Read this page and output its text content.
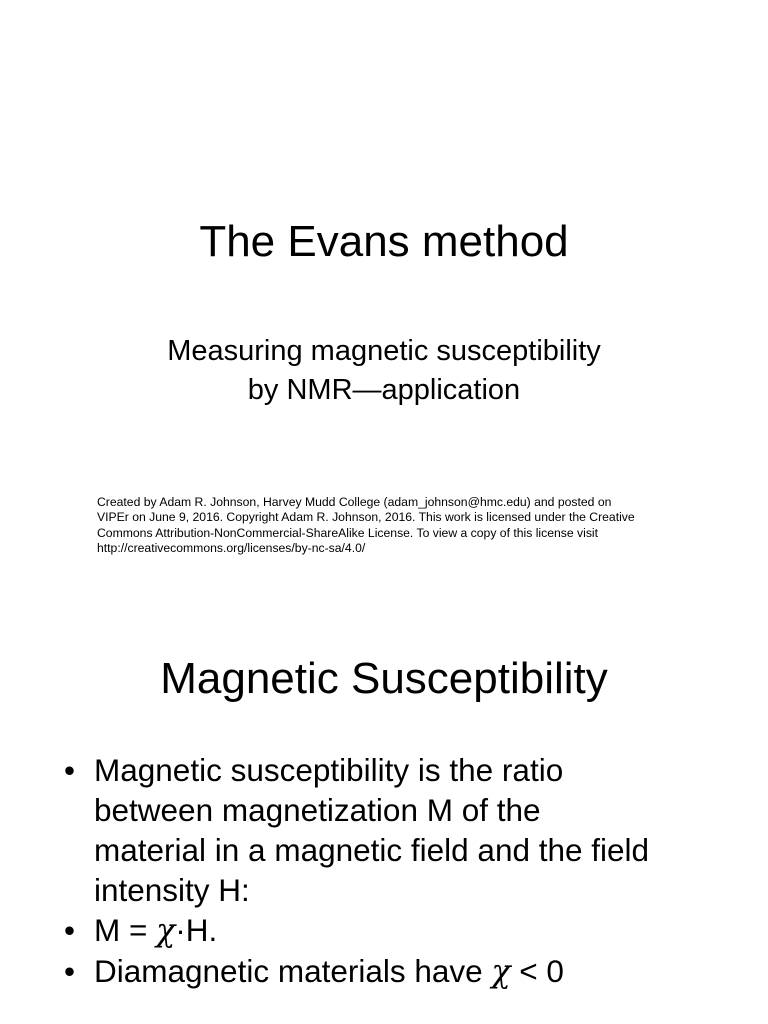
The Evans method
Measuring magnetic susceptibility
by NMR—application
Created by Adam R. Johnson, Harvey Mudd College (adam_johnson@hmc.edu) and posted on
VIPEr on June 9, 2016. Copyright Adam R. Johnson, 2016. This work is licensed under the Creative
Commons Attribution-NonCommercial-ShareAlike License. To view a copy of this license visit
http://creativecommons.org/licenses/by-nc-sa/4.0/
Magnetic Susceptibility
• Magnetic susceptibility is the ratio
between magnetization M of the
material in a magnetic field and the field
intensity H:
• M = χ·H.
• Diamagnetic materials have χ < 0
